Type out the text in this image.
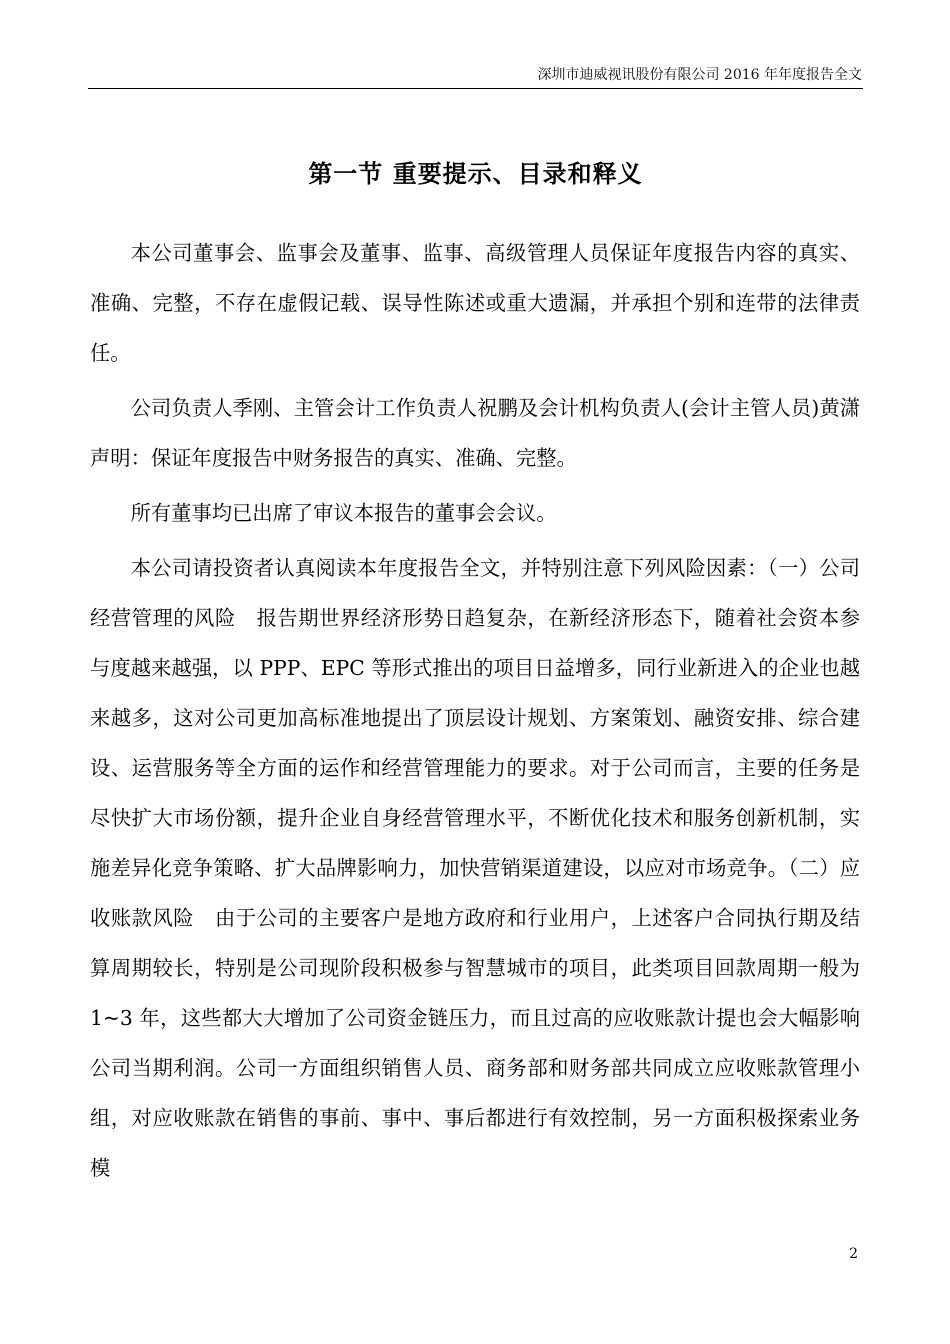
深圳市迪威视讯股份有限公司 2016 年年度报告全文
第一节 重要提示、目录和释义

本公司董事会、监事会及董事、监事、高级管理人员保证年度报告内容的真实、准确、完整，不存在虚假记载、误导性陈述或重大遗漏，并承担个别和连带的法律责任。

公司负责人季刚、主管会计工作负责人祝鹏及会计机构负责人(会计主管人员)黄潇声明：保证年度报告中财务报告的真实、准确、完整。

所有董事均已出席了审议本报告的董事会会议。

本公司请投资者认真阅读本年度报告全文，并特别注意下列风险因素：（一）公司经营管理的风险　报告期世界经济形势日趋复杂，在新经济形态下，随着社会资本参与度越来越强，以 PPP、EPC 等形式推出的项目日益增多，同行业新进入的企业也越来越多，这对公司更加高标准地提出了顶层设计规划、方案策划、融资安排、综合建设、运营服务等全方面的运作和经营管理能力的要求。对于公司而言，主要的任务是尽快扩大市场份额，提升企业自身经营管理水平，不断优化技术和服务创新机制，实施差异化竞争策略、扩大品牌影响力，加快营销渠道建设，以应对市场竞争。（二）应收账款风险　由于公司的主要客户是地方政府和行业用户，上述客户合同执行期及结算周期较长，特别是公司现阶段积极参与智慧城市的项目，此类项目回款周期一般为 1~3 年，这些都大大增加了公司资金链压力，而且过高的应收账款计提也会大幅影响公司当期利润。公司一方面组织销售人员、商务部和财务部共同成立应收账款管理小组，对应收账款在销售的事前、事中、事后都进行有效控制，另一方面积极探索业务模

2
